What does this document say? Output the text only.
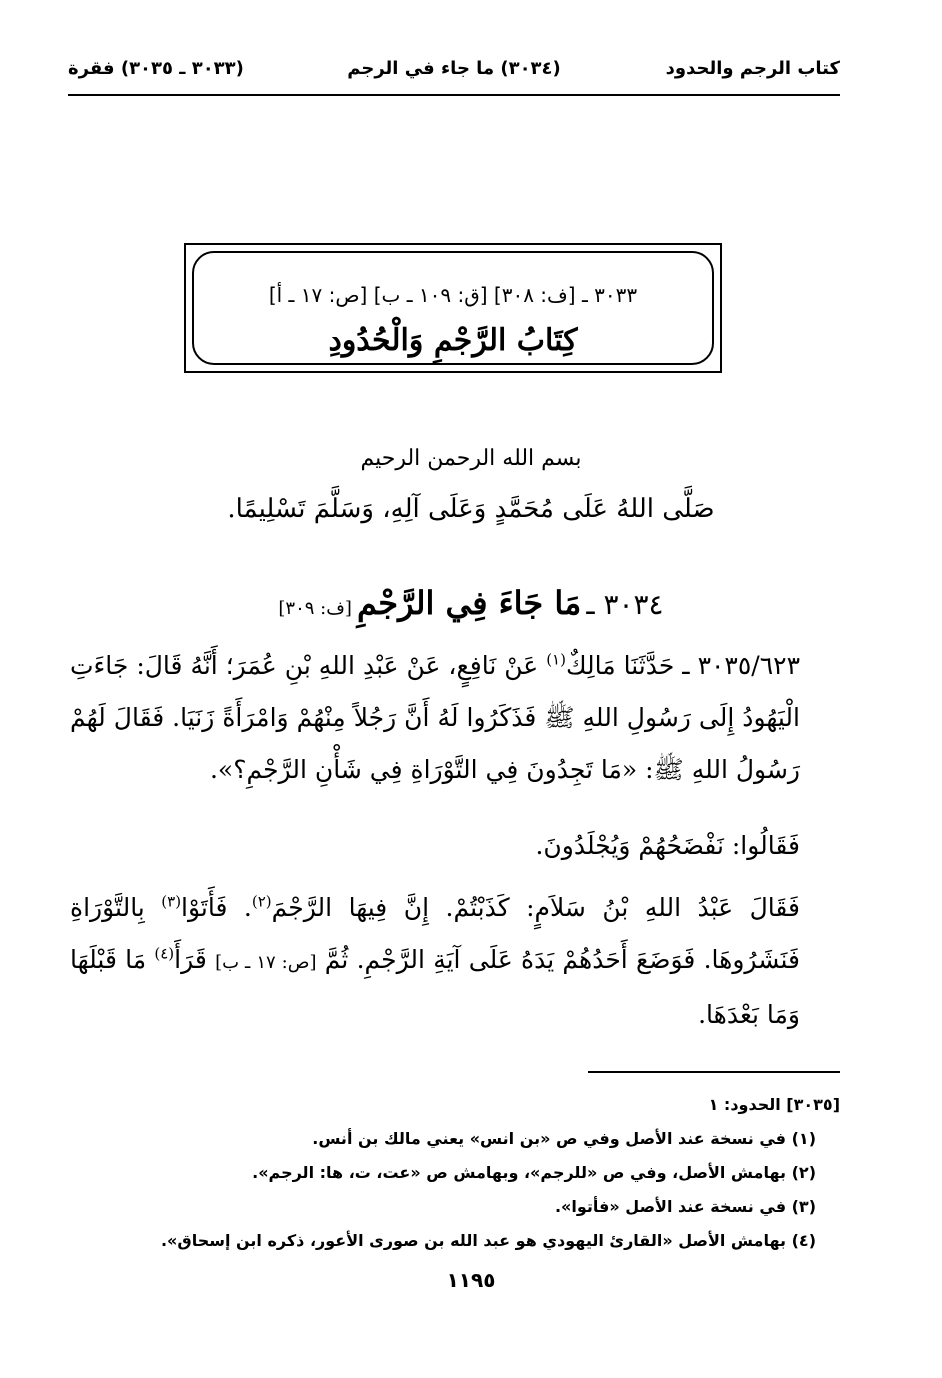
كتاب الرجم والحدود
(٣٠٣٤) ما جاء في الرجم
(٣٠٣٣ ـ ٣٠٣٥) فقرة
٣٠٣٣ ـ [ف: ٣٠٨] [ق: ١٠٩ ـ ب] [ص: ١٧ ـ أ]
كِتَابُ الرَّجْمِ وَالْحُدُودِ
بسم الله الرحمن الرحيم
صَلَّى اللهُ عَلَى مُحَمَّدٍ وَعَلَى آلِهِ، وَسَلَّمَ تَسْلِيمًا.
٣٠٣٤ ـ مَا جَاءَ فِي الرَّجْمِ [ف: ٣٠٩]

٣٠٣٥/٦٢٣ ـ حَدَّثَنَا مَالِكٌ$^{(١)}$ عَنْ نَافِعٍ، عَنْ عَبْدِ اللهِ بْنِ عُمَرَ؛ أَنَّهُ قَالَ: جَاءَتِ الْيَهُودُ إِلَى رَسُولِ اللهِ ﷺ فَذَكَرُوا لَهُ أَنَّ رَجُلاً مِنْهُمْ وَامْرَأَةً زَنَيَا. فَقَالَ لَهُمْ رَسُولُ اللهِ ﷺ: «مَا تَجِدُونَ فِي التَّوْرَاةِ فِي شَأْنِ الرَّجْمِ؟».

فَقَالُوا: نَفْضَحُهُمْ وَيُجْلَدُونَ.

فَقَالَ عَبْدُ اللهِ بْنُ سَلاَمٍ: كَذَبْتُمْ. إِنَّ فِيهَا الرَّجْمَ$^{(٢)}$. فَأَتَوْا$^{(٣)}$ بِالتَّوْرَاةِ فَنَشَرُوهَا. فَوَضَعَ أَحَدُهُمْ يَدَهُ عَلَى آيَةِ الرَّجْمِ. ثُمَّ [ص: ١٧ ـ ب] قَرَأَ$^{(٤)}$ مَا قَبْلَهَا وَمَا بَعْدَهَا.

[٣٠٣٥] الحدود: ١
(١) في نسخة عند الأصل وفي ص «بن انس» يعني مالك بن أنس.
(٢) بهامش الأصل، وفي ص «للرجم»، وبهامش ص «عت، ت، ها: الرجم».
(٣) في نسخة عند الأصل «فأتوا».
(٤) بهامش الأصل «القارئ اليهودي هو عبد الله بن صورى الأعور، ذكره ابن إسحاق».
١١٩٥
